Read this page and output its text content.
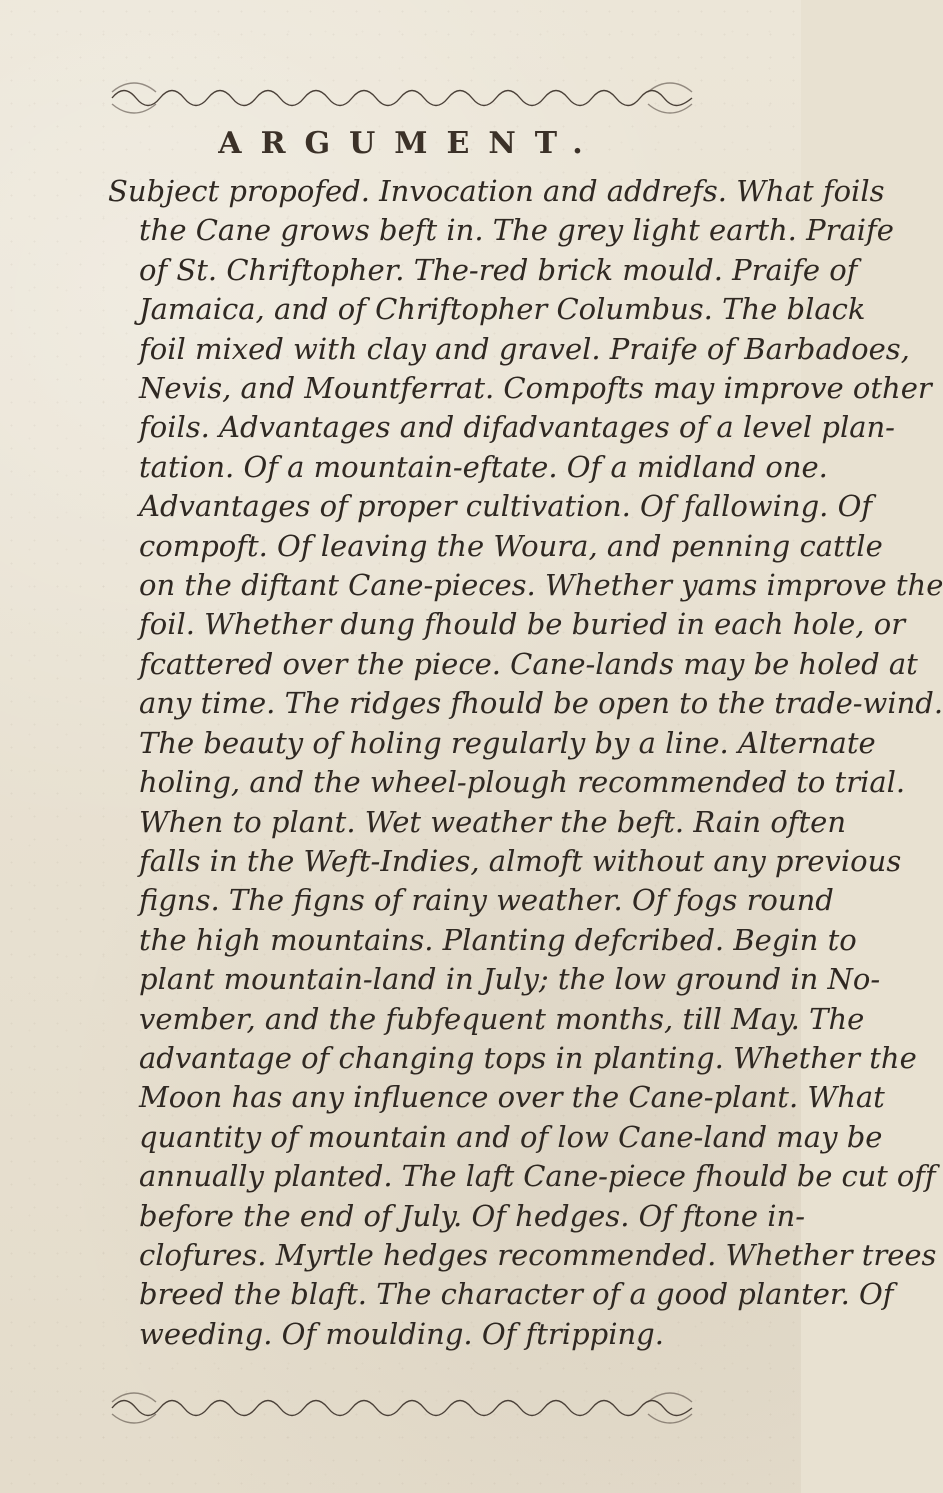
ARGUMENT.

Subject propofed. Invocation and addrefs. What foils

the Cane grows beft in. The grey light earth. Praife

of St. Chriftopher. The-red brick mould. Praife of

Jamaica, and of Chriftopher Columbus. The black

foil mixed with clay and gravel. Praife of Barbadoes,

Nevis, and Mountferrat. Compofts may improve other

foils. Advantages and difadvantages of a level plan-

tation. Of a mountain-eftate. Of a midland one.

Advantages of proper cultivation. Of fallowing. Of

compoft. Of leaving the Woura, and penning cattle

on the diftant Cane-pieces. Whether yams improve the

foil. Whether dung fhould be buried in each hole, or

fcattered over the piece. Cane-lands may be holed at

any time. The ridges fhould be open to the trade-wind.

The beauty of holing regularly by a line. Alternate

holing, and the wheel-plough recommended to trial.

When to plant. Wet weather the beft. Rain often

falls in the Weft-Indies, almoft without any previous

figns. The figns of rainy weather. Of fogs round

the high mountains. Planting defcribed. Begin to

plant mountain-land in July; the low ground in No-

vember, and the fubfequent months, till May. The

advantage of changing tops in planting. Whether the

Moon has any influence over the Cane-plant. What

quantity of mountain and of low Cane-land may be

annually planted. The laft Cane-piece fhould be cut off

before the end of July. Of hedges. Of ftone in-

clofures. Myrtle hedges recommended. Whether trees

breed the blaft. The character of a good planter. Of

weeding. Of moulding. Of ftripping.
